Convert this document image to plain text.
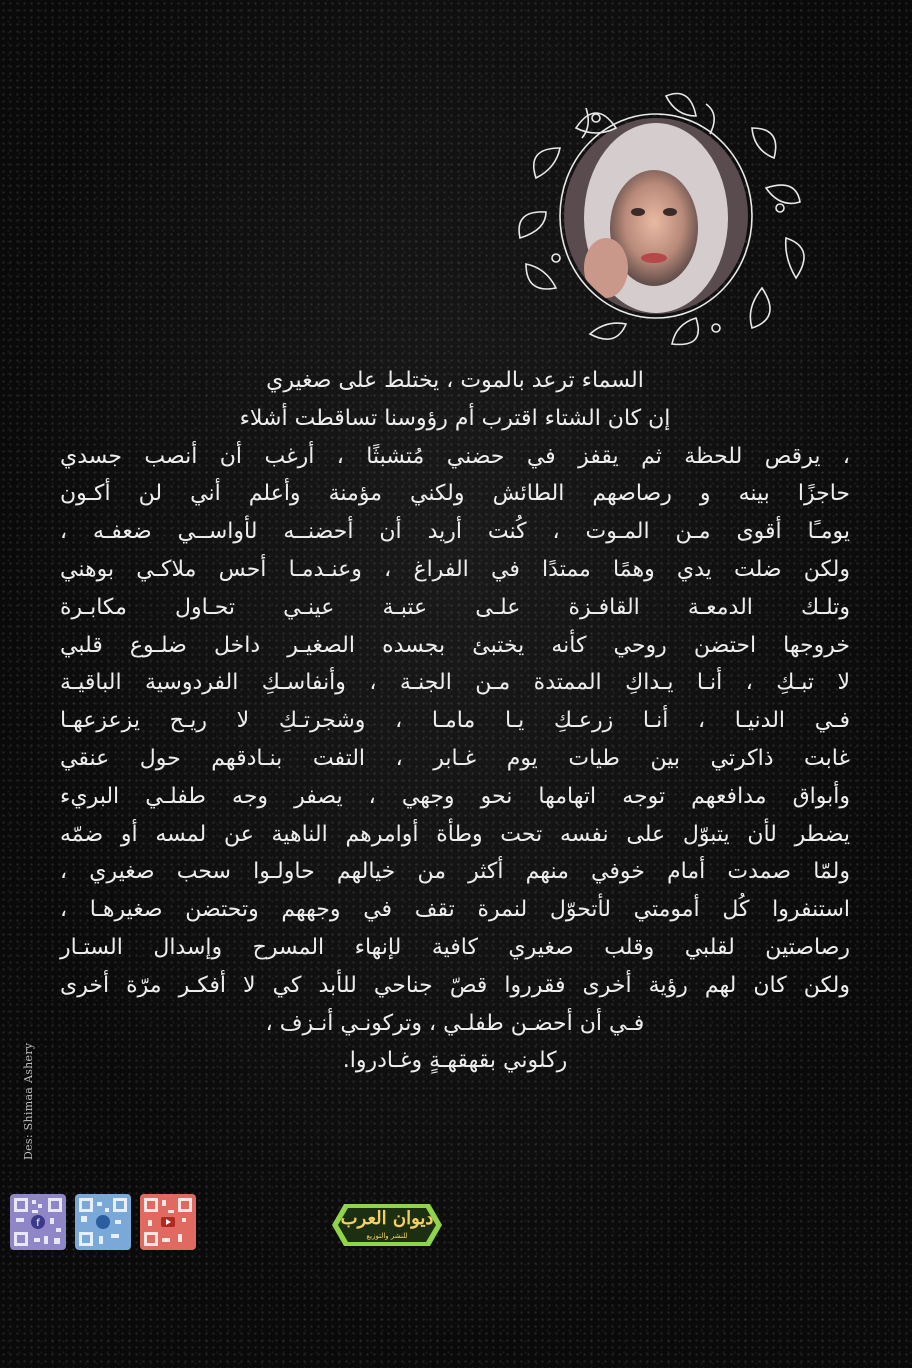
السماء ترعد بالموت ، يختلط على صغيري
إن كان الشتاء اقترب أم رؤوسنا تساقطت أشلاء
، يرقص للحظة ثم يقفز في حضني مُتشبثًا ، أرغب أن أنصب جسدي
حاجزًا بينه و رصاصهم الطائش ولكني مؤمنة وأعلم أني لن أكـون
يومـًا أقوى مـن المـوت ، كُنت أريد أن أحضنــه لأواســي ضعفـه ،
ولكن ضلت يدي وهمًا ممتدًا في الفراغ ، وعنـدمـا أحس ملاكـي بوهني
وتلـك الدمعـة القافـزة علـى عتبـة عينـي تحـاول مكابـرة
خروجها احتضن روحي كأنه يختبئ بجسده الصغيـر داخل ضلـوع قلبي
لا تبـكِ ، أنـا يـداكِ الممتدة مـن الجنـة ، وأنفاسـكِ الفردوسية الباقيـة
فـي الدنيـا ، أنـا زرعـكِ يـا مامـا ، وشجرتـكِ لا ريـح يزعزعهـا
غابت ذاكرتي بين طيات يوم غـابر ، التفت بنـادقهم حول عنقي
وأبواق مدافعهم توجه اتهامها نحو وجهي ، يصفر وجه طفلـي البريء
يضطر لأن يتبوّل على نفسه تحت وطأة أوامرهم الناهية عن لمسه أو ضمّه
ولمّا صمدت أمام خوفي منهم أكثر من خيالهم حاولـوا سحب صغيري ،
استنفروا كُل أمومتي لأتحوّل لنمرة تقف في وجههم وتحتضن صغيرهـا ،
رصاصتين لقلبي وقلب صغيري كافية لإنهاء المسرح وإسدال الستـار
ولكن كان لهم رؤية أخرى فقرروا قصّ جناحي للأبد كي لا أفكـر مرّة أخرى
فـي أن أحضـن طفلـي ، وتركونـي أنـزف ،
ركلوني بقهقهـةٍ وغـادروا.
Des: Shimaa Ashery
f	ديوان العرب
للنشر والتوزيع
